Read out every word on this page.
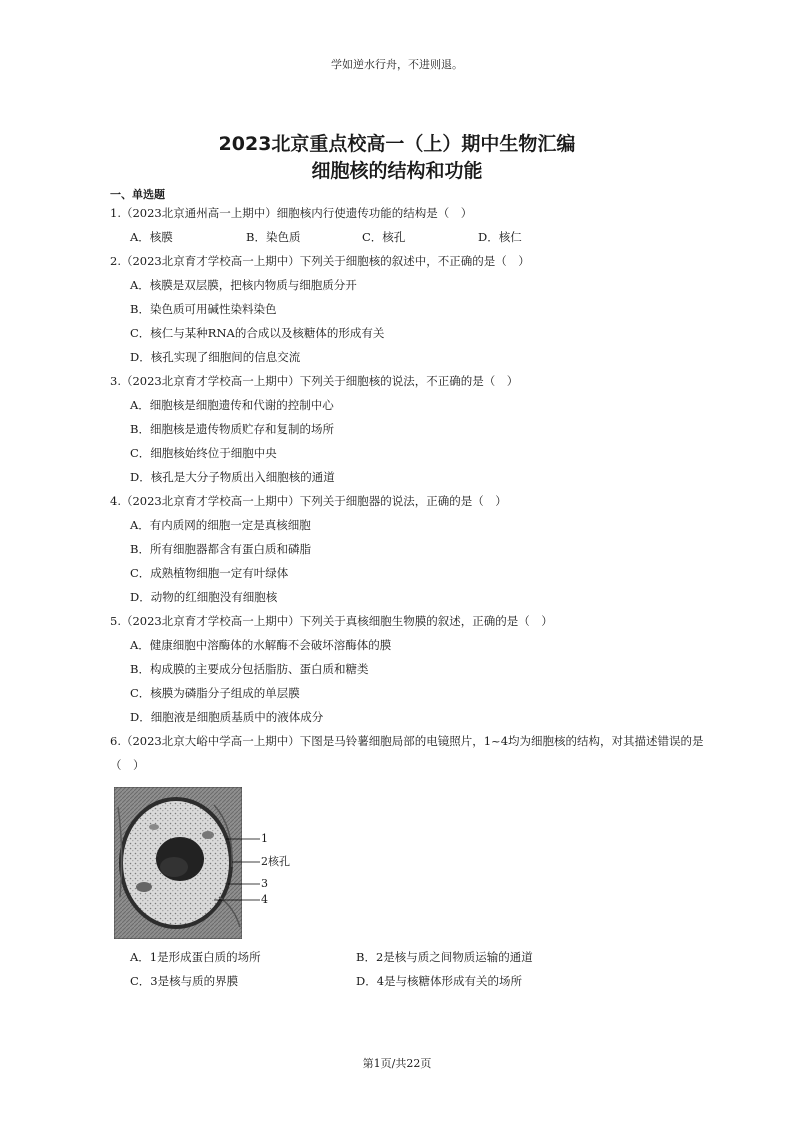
学如逆水行舟，不进则退。
2023北京重点校高一（上）期中生物汇编
细胞核的结构和功能
一、单选题
1.（2023北京通州高一上期中）细胞核内行使遗传功能的结构是（　）
A．核膜	B．染色质	C．核孔	D．核仁
2.（2023北京育才学校高一上期中）下列关于细胞核的叙述中，不正确的是（　）
A．核膜是双层膜，把核内物质与细胞质分开
B．染色质可用碱性染料染色
C．核仁与某种RNA的合成以及核糖体的形成有关
D．核孔实现了细胞间的信息交流
3.（2023北京育才学校高一上期中）下列关于细胞核的说法，不正确的是（　）
A．细胞核是细胞遗传和代谢的控制中心
B．细胞核是遗传物质贮存和复制的场所
C．细胞核始终位于细胞中央
D．核孔是大分子物质出入细胞核的通道
4.（2023北京育才学校高一上期中）下列关于细胞器的说法，正确的是（　）
A．有内质网的细胞一定是真核细胞
B．所有细胞器都含有蛋白质和磷脂
C．成熟植物细胞一定有叶绿体
D．动物的红细胞没有细胞核
5.（2023北京育才学校高一上期中）下列关于真核细胞生物膜的叙述，正确的是（　）
A．健康细胞中溶酶体的水解酶不会破坏溶酶体的膜
B．构成膜的主要成分包括脂肪、蛋白质和糖类
C．核膜为磷脂分子组成的单层膜
D．细胞液是细胞质基质中的液体成分
6.（2023北京大峪中学高一上期中）下图是马铃薯细胞局部的电镜照片，1~4均为细胞核的结构，对其描述错误的是（　）
1
2核孔
3
4
A．1是形成蛋白质的场所	B．2是核与质之间物质运输的通道
C．3是核与质的界膜	D．4是与核糖体形成有关的场所
第1页/共22页
